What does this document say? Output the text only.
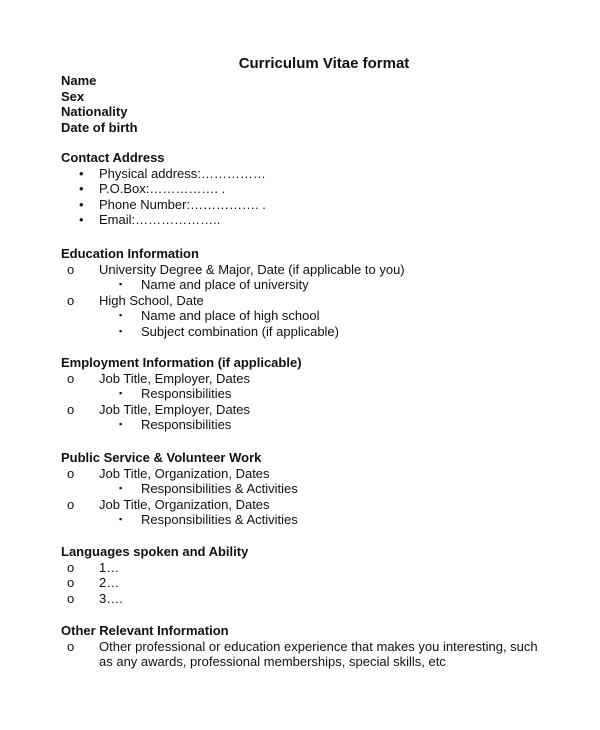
Curriculum Vitae format
Name
Sex
Nationality
Date of birth
Contact Address
• Physical address:……………
• P.O.Box:……………. .
• Phone Number:……………. .
• Email:………………..
Education Information
o University Degree & Major, Date (if applicable to you)
▪ Name and place of university
o High School, Date
▪ Name and place of high school
▪ Subject combination (if applicable)
Employment Information (if applicable)
o Job Title, Employer, Dates
▪ Responsibilities
o Job Title, Employer, Dates
▪ Responsibilities
Public Service & Volunteer Work
o Job Title, Organization, Dates
▪ Responsibilities & Activities
o Job Title, Organization, Dates
▪ Responsibilities & Activities
Languages spoken and Ability
o 1…
o 2…
o 3….
Other Relevant Information
o Other professional or education experience that makes you interesting, such as any awards, professional memberships, special skills, etc
